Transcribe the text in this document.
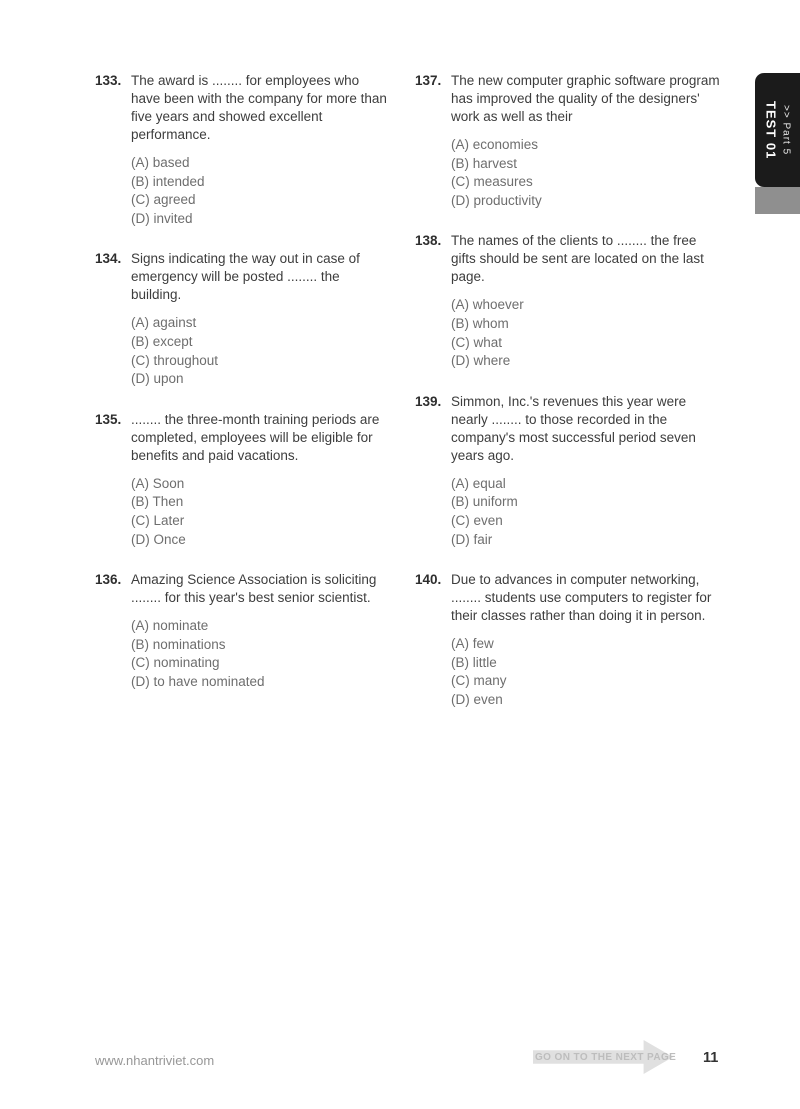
133. The award is ........ for employees who have been with the company for more than five years and showed excellent performance.
(A) based
(B) intended
(C) agreed
(D) invited
134. Signs indicating the way out in case of emergency will be posted ........ the building.
(A) against
(B) except
(C) throughout
(D) upon
135. ........ the three-month training periods are completed, employees will be eligible for benefits and paid vacations.
(A) Soon
(B) Then
(C) Later
(D) Once
136. Amazing Science Association is soliciting ........ for this year's best senior scientist.
(A) nominate
(B) nominations
(C) nominating
(D) to have nominated
137. The new computer graphic software program has improved the quality of the designers' work as well as their
(A) economies
(B) harvest
(C) measures
(D) productivity
138. The names of the clients to ........ the free gifts should be sent are located on the last page.
(A) whoever
(B) whom
(C) what
(D) where
139. Simmon, Inc.'s revenues this year were nearly ........ to those recorded in the company's most successful period seven years ago.
(A) equal
(B) uniform
(C) even
(D) fair
140. Due to advances in computer networking, ........ students use computers to register for their classes rather than doing it in person.
(A) few
(B) little
(C) many
(D) even
TEST 01 >> Part 5
www.nhantriviet.com	GO ON TO THE NEXT PAGE 11
